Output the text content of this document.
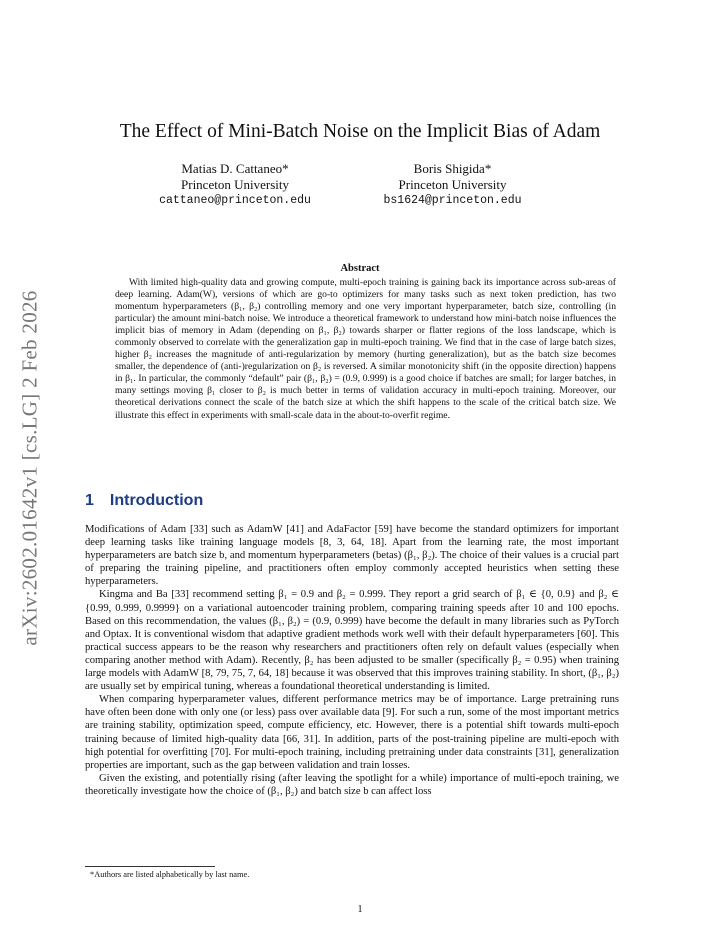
arXiv:2602.01642v1 [cs.LG] 2 Feb 2026
The Effect of Mini-Batch Noise on the Implicit Bias of Adam
Matias D. Cattaneo*
Princeton University
cattaneo@princeton.edu
Boris Shigida*
Princeton University
bs1624@princeton.edu
Abstract
With limited high-quality data and growing compute, multi-epoch training is gaining back its importance across sub-areas of deep learning. Adam(W), versions of which are go-to optimizers for many tasks such as next token prediction, has two momentum hyperparameters (β₁, β₂) controlling memory and one very important hyperparameter, batch size, controlling (in particular) the amount mini-batch noise. We introduce a theoretical framework to understand how mini-batch noise influences the implicit bias of memory in Adam (depending on β₁, β₂) towards sharper or flatter regions of the loss landscape, which is commonly observed to correlate with the generalization gap in multi-epoch training. We find that in the case of large batch sizes, higher β₂ increases the magnitude of anti-regularization by memory (hurting generalization), but as the batch size becomes smaller, the dependence of (anti-)regularization on β₂ is reversed. A similar monotonicity shift (in the opposite direction) happens in β₁. In particular, the commonly “default” pair (β₁, β₂) = (0.9, 0.999) is a good choice if batches are small; for larger batches, in many settings moving β₁ closer to β₂ is much better in terms of validation accuracy in multi-epoch training. Moreover, our theoretical derivations connect the scale of the batch size at which the shift happens to the scale of the critical batch size. We illustrate this effect in experiments with small-scale data in the about-to-overfit regime.
1 Introduction

Modifications of Adam [33] such as AdamW [41] and AdaFactor [59] have become the standard optimizers for important deep learning tasks like training language models [8, 3, 64, 18]. Apart from the learning rate, the most important hyperparameters are batch size b, and momentum hyperparameters (betas) (β₁, β₂). The choice of their values is a crucial part of preparing the training pipeline, and practitioners often employ commonly accepted heuristics when setting these hyperparameters.

Kingma and Ba [33] recommend setting β₁ = 0.9 and β₂ = 0.999. They report a grid search of β₁ ∈ {0, 0.9} and β₂ ∈ {0.99, 0.999, 0.9999} on a variational autoencoder training problem, comparing training speeds after 10 and 100 epochs. Based on this recommendation, the values (β₁, β₂) = (0.9, 0.999) have become the default in many libraries such as PyTorch and Optax. It is conventional wisdom that adaptive gradient methods work well with their default hyperparameters [60]. This practical success appears to be the reason why researchers and practitioners often rely on default values (especially when comparing another method with Adam). Recently, β₂ has been adjusted to be smaller (specifically β₂ = 0.95) when training large models with AdamW [8, 79, 75, 7, 64, 18] because it was observed that this improves training stability. In short, (β₁, β₂) are usually set by empirical tuning, whereas a foundational theoretical understanding is limited.

When comparing hyperparameter values, different performance metrics may be of importance. Large pretraining runs have often been done with only one (or less) pass over available data [9]. For such a run, some of the most important metrics are training stability, optimization speed, compute efficiency, etc. However, there is a potential shift towards multi-epoch training because of limited high-quality data [66, 31]. In addition, parts of the post-training pipeline are multi-epoch with high potential for overfitting [70]. For multi-epoch training, including pretraining under data constraints [31], generalization properties are important, such as the gap between validation and train losses.

Given the existing, and potentially rising (after leaving the spotlight for a while) importance of multi-epoch training, we theoretically investigate how the choice of (β₁, β₂) and batch size b can affect loss

*Authors are listed alphabetically by last name.
1
